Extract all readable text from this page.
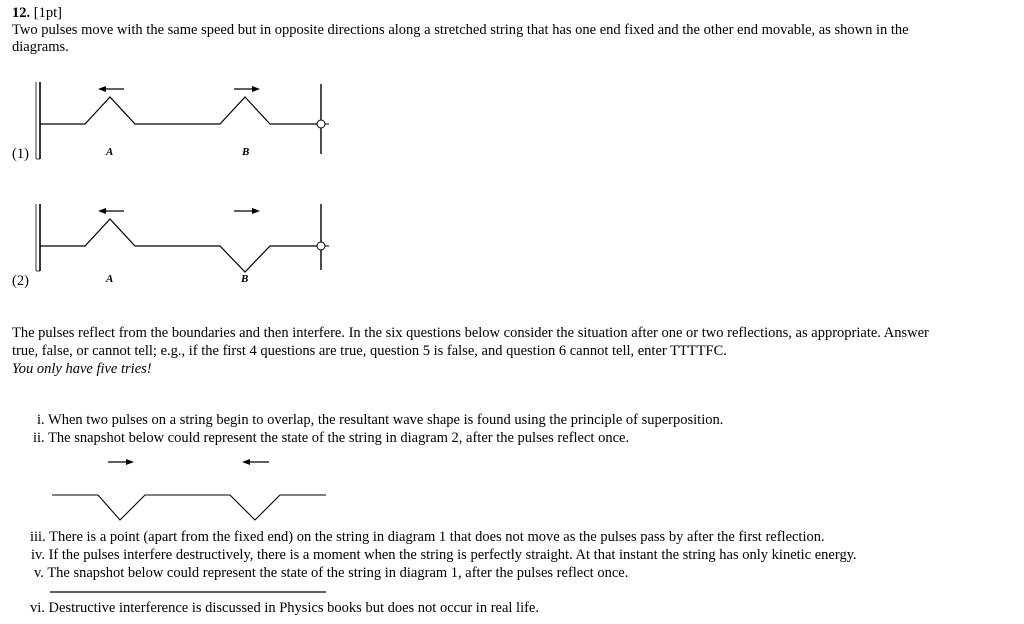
12. [1pt]
Two pulses move with the same speed but in opposite directions along a stretched string that has one end fixed and the other end movable, as shown in the
diagrams.
(1)	A	B
(2)	A	B
The pulses reflect from the boundaries and then interfere. In the six questions below consider the situation after one or two reflections, as appropriate. Answer
true, false, or cannot tell; e.g., if the first 4 questions are true, question 5 is false, and question 6 cannot tell, enter TTTTFC.
You only have five tries!
i. When two pulses on a string begin to overlap, the resultant wave shape is found using the principle of superposition.
ii. The snapshot below could represent the state of the string in diagram 2, after the pulses reflect once.
iii. There is a point (apart from the fixed end) on the string in diagram 1 that does not move as the pulses pass by after the first reflection.
iv. If the pulses interfere destructively, there is a moment when the string is perfectly straight. At that instant the string has only kinetic energy.
v. The snapshot below could represent the state of the string in diagram 1, after the pulses reflect once.
vi. Destructive interference is discussed in Physics books but does not occur in real life.
